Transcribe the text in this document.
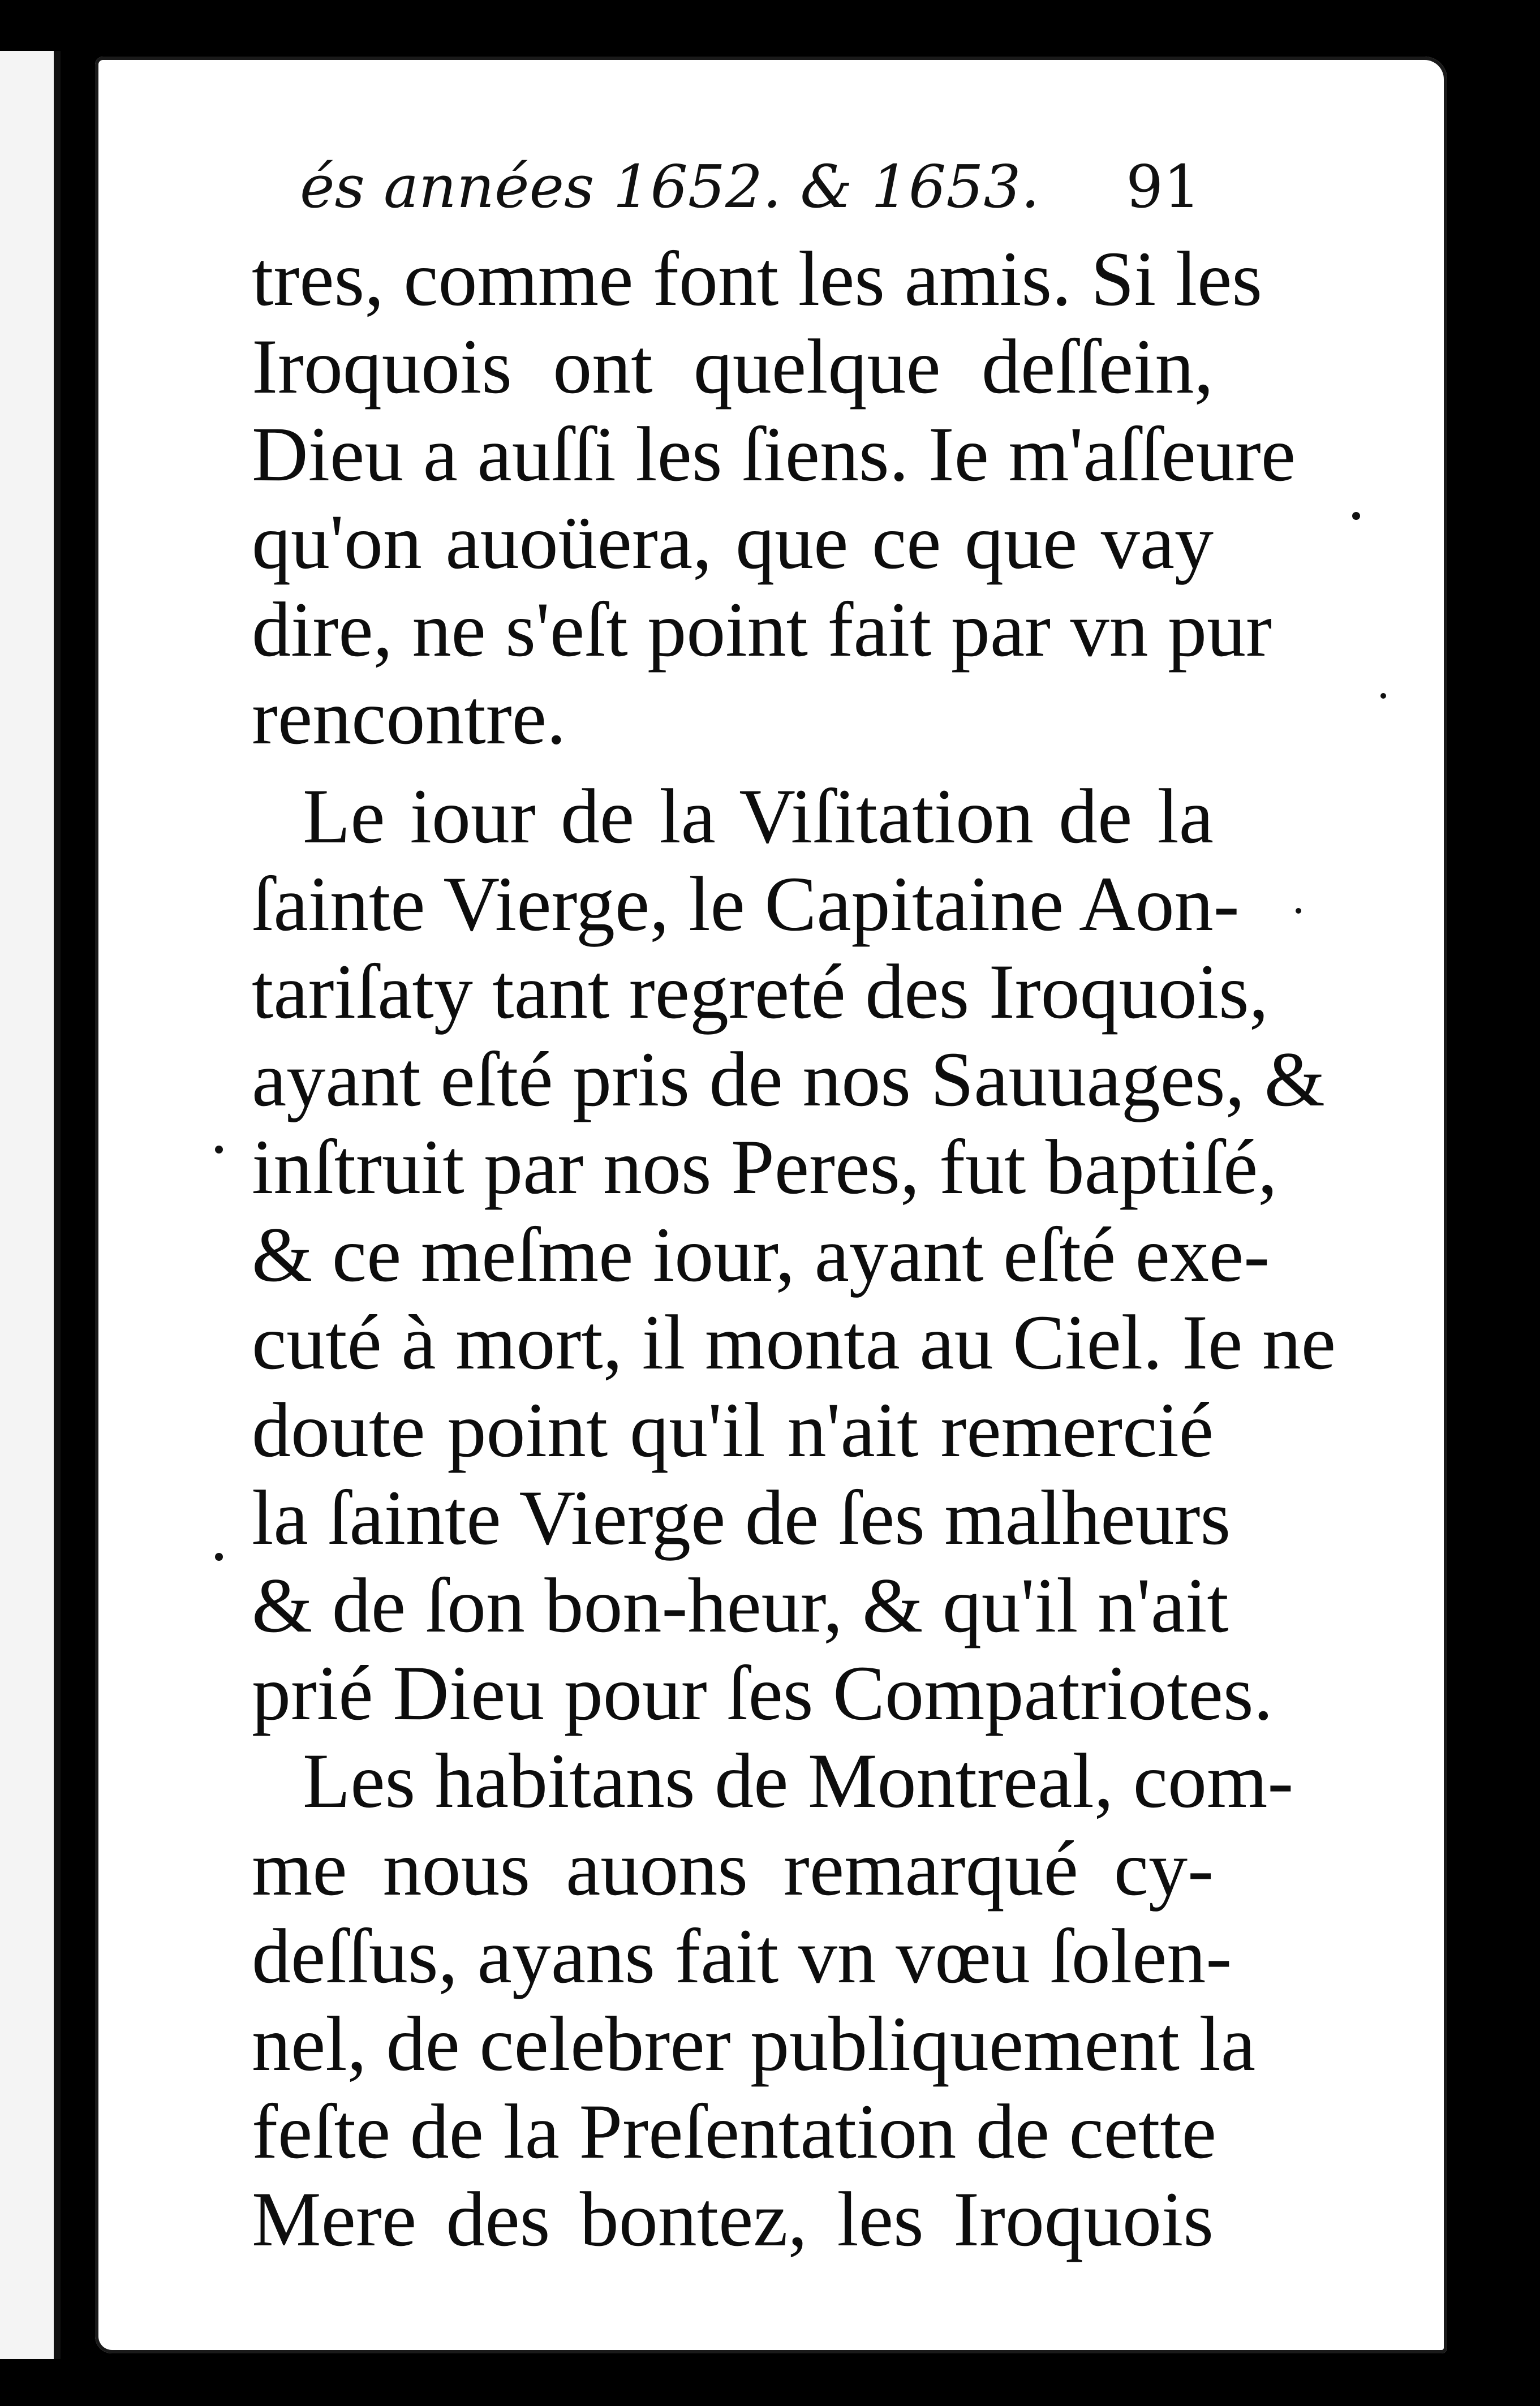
és années 1652. & 1653.	91
tres, comme font les amis. Si les
Iroquois ont quelque deſſein,
Dieu a auſſi les ſiens. Ie m'aſſeure
qu'on auoüera, que ce que vay
dire, ne s'eſt point fait par vn pur
rencontre.
Le iour de la Viſitation de la
ſainte Vierge, le Capitaine Aon-
tariſaty tant regreté des Iroquois,
ayant eſté pris de nos Sauuages, &
inſtruit par nos Peres, fut baptiſé,
& ce meſme iour, ayant eſté exe-
cuté à mort, il monta au Ciel. Ie ne
doute point qu'il n'ait remercié
la ſainte Vierge de ſes malheurs
& de ſon bon-heur, & qu'il n'ait
prié Dieu pour ſes Compatriotes.
Les habitans de Montreal, com-
me nous auons remarqué cy-
deſſus, ayans fait vn vœu ſolen-
nel, de celebrer publiquement la
feſte de la Preſentation de cette
Mere des bontez, les Iroquois
